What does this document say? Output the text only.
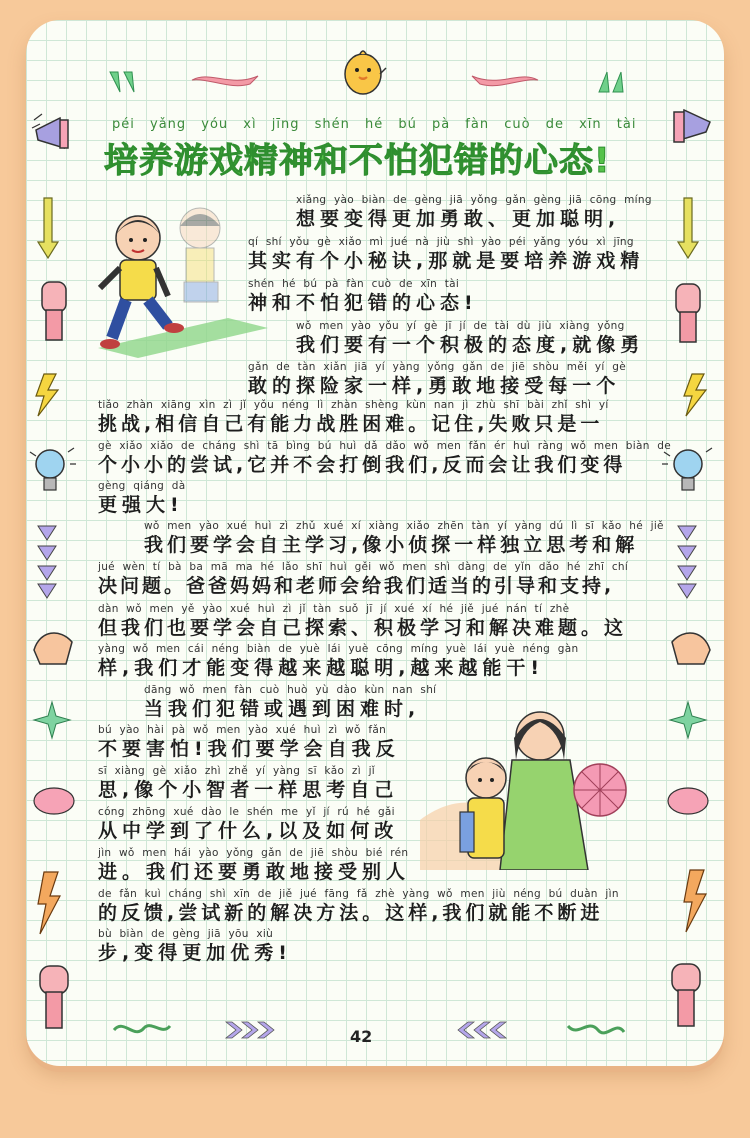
péi yǎng yóu xì jīng shén hé bú pà fàn cuò de xīn tài
培养游戏精神和不怕犯错的心态!
xiǎng yào biàn de gèng jiā yǒng gǎn gèng jiā cōng míng
想要变得更加勇敢、更加聪明,
qí shí yǒu gè xiǎo mì jué nà jiù shì yào péi yǎng yóu xì jīng
其实有个小秘诀,那就是要培养游戏精
shén hé bú pà fàn cuò de xīn tài
神和不怕犯错的心态!
wǒ men yào yǒu yí gè jī jí de tài dù jiù xiàng yǒng
我们要有一个积极的态度,就像勇
gǎn de tàn xiǎn jiā yí yàng yǒng gǎn de jiē shòu měi yí gè
敢的探险家一样,勇敢地接受每一个
tiǎo zhàn xiāng xìn zì jǐ yǒu néng lì zhàn shèng kùn nan jì zhù shī bài zhǐ shì yí
挑战,相信自己有能力战胜困难。记住,失败只是一
gè xiǎo xiǎo de cháng shì tā bìng bú huì dǎ dǎo wǒ men fǎn ér huì ràng wǒ men biàn de
个小小的尝试,它并不会打倒我们,反而会让我们变得
gèng qiáng dà
更强大!
wǒ men yào xué huì zì zhǔ xué xí xiàng xiǎo zhēn tàn yí yàng dú lì sī kǎo hé jiě
我们要学会自主学习,像小侦探一样独立思考和解
jué wèn tí bà ba mā ma hé lǎo shī huì gěi wǒ men shì dàng de yǐn dǎo hé zhī chí
决问题。爸爸妈妈和老师会给我们适当的引导和支持,
dàn wǒ men yě yào xué huì zì jǐ tàn suǒ jī jí xué xí hé jiě jué nán tí zhè
但我们也要学会自己探索、积极学习和解决难题。这
yàng wǒ men cái néng biàn de yuè lái yuè cōng míng yuè lái yuè néng gàn
样,我们才能变得越来越聪明,越来越能干!
dāng wǒ men fàn cuò huò yù dào kùn nan shí
当我们犯错或遇到困难时,
bú yào hài pà wǒ men yào xué huì zì wǒ fǎn
不要害怕!我们要学会自我反
sī xiàng gè xiǎo zhì zhě yí yàng sī kǎo zì jǐ
思,像个小智者一样思考自己
cóng zhōng xué dào le shén me yǐ jí rú hé gǎi
从中学到了什么,以及如何改
jìn wǒ men hái yào yǒng gǎn de jiē shòu bié rén
进。我们还要勇敢地接受别人
de fǎn kuì cháng shì xīn de jiě jué fāng fǎ zhè yàng wǒ men jiù néng bú duàn jìn
的反馈,尝试新的解决方法。这样,我们就能不断进
bù biàn de gèng jiā yōu xiù
步,变得更加优秀!
42
